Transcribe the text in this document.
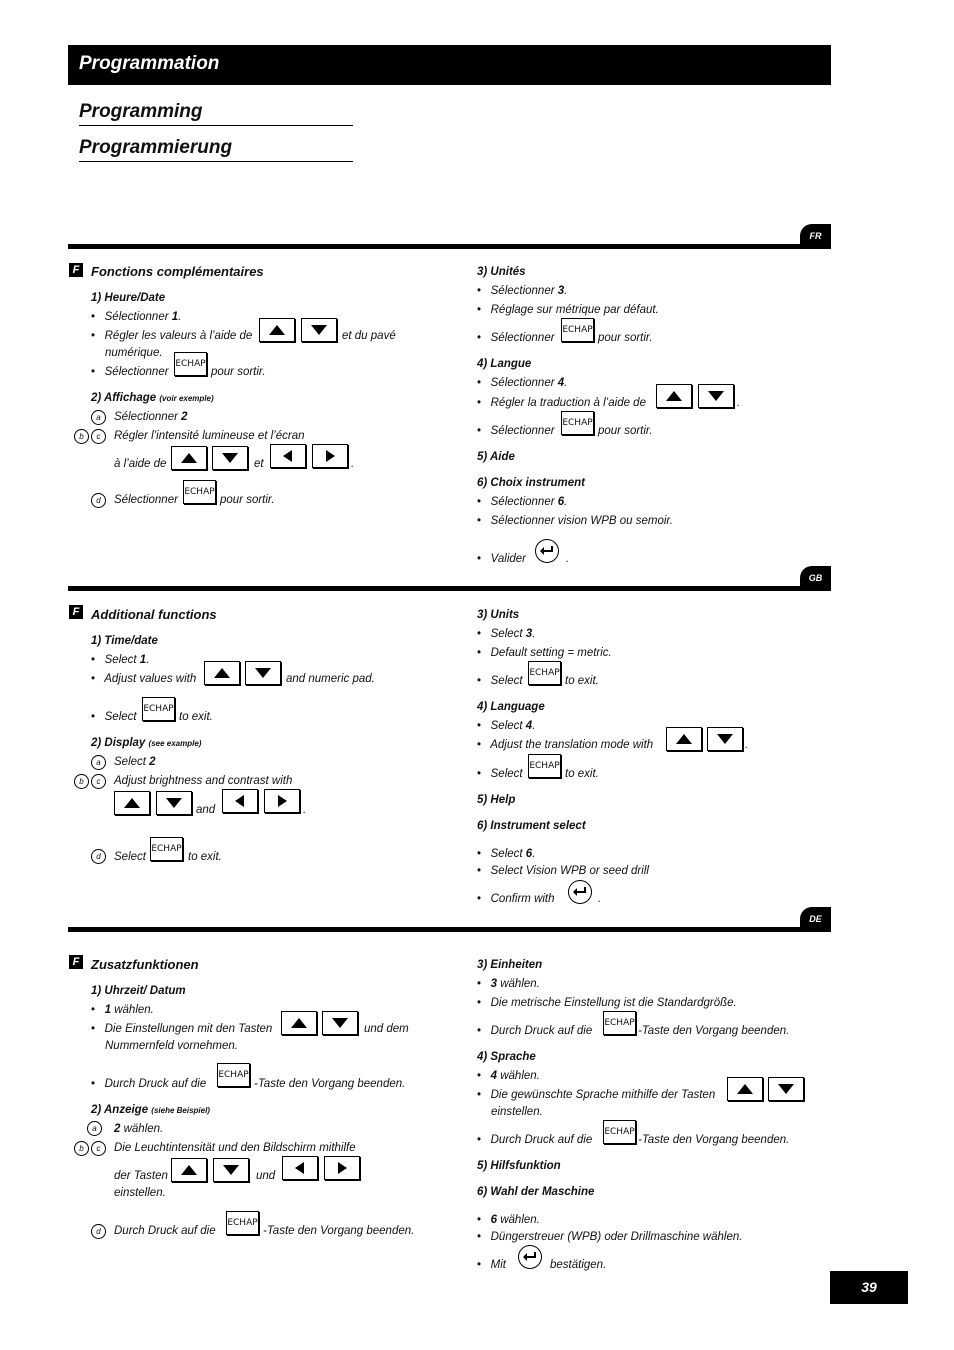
Programmation
Programming
Programmierung
FR
F Fonctions complémentaires
1) Heure/Date
• Sélectionner 1.
• Régler les valeurs à l’aide de	et du pavé
numérique.
• Sélectionner
ECHAP
pour sortir.
2) Affichage (voir exemple)
a	Sélectionner 2
b	c	Régler l’intensité lumineuse et l’écran
à l’aide de	et	.
d	Sélectionner
ECHAP
pour sortir.
3) Unités
• Sélectionner 3.
• Réglage sur métrique par défaut.
• Sélectionner
ECHAP
pour sortir.
4) Langue
• Sélectionner 4.
• Régler la traduction à l’aide de	.
• Sélectionner
ECHAP
pour sortir.
5) Aide
6) Choix instrument
• Sélectionner 6.
• Sélectionner vision WPB ou semoir.
• Valider	.
GB
F Additional functions
1) Time/date
• Select 1.
• Adjust values with	and numeric pad.
• Select
ECHAP
to exit.
2) Display (see example)
a	Select 2
b	c	Adjust brightness and contrast with
and	.
d	Select
ECHAP
to exit.
3) Units
• Select 3.
• Default setting = metric.
• Select
ECHAP
to exit.
4) Language
• Select 4.
• Adjust the translation mode with	.
• Select
ECHAP
to exit.
5) Help
6) Instrument select
• Select 6.
• Select Vision WPB or seed drill
• Confirm with	.
DE
F Zusatzfunktionen
1) Uhrzeit/ Datum
• 1 wählen.
• Die Einstellungen mit den Tasten	und dem
Nummernfeld vornehmen.
• Durch Druck auf die
ECHAP
-Taste den Vorgang beenden.
2) Anzeige (siehe Beispiel)
a	2 wählen.
b	c	Die Leuchtintensität und den Bildschirm mithilfe
der Tasten	und
einstellen.
d	Durch Druck auf die
ECHAP
-Taste den Vorgang beenden.
3) Einheiten
• 3 wählen.
• Die metrische Einstellung ist die Standardgröße.
• Durch Druck auf die
ECHAP
-Taste den Vorgang beenden.
4) Sprache
• 4 wählen.
• Die gewünschte Sprache mithilfe der Tasten
einstellen.
• Durch Druck auf die
ECHAP
-Taste den Vorgang beenden.
5) Hilfsfunktion
6) Wahl der Maschine
• 6 wählen.
• Düngerstreuer (WPB) oder Drillmaschine wählen.
• Mit	bestätigen.
39
